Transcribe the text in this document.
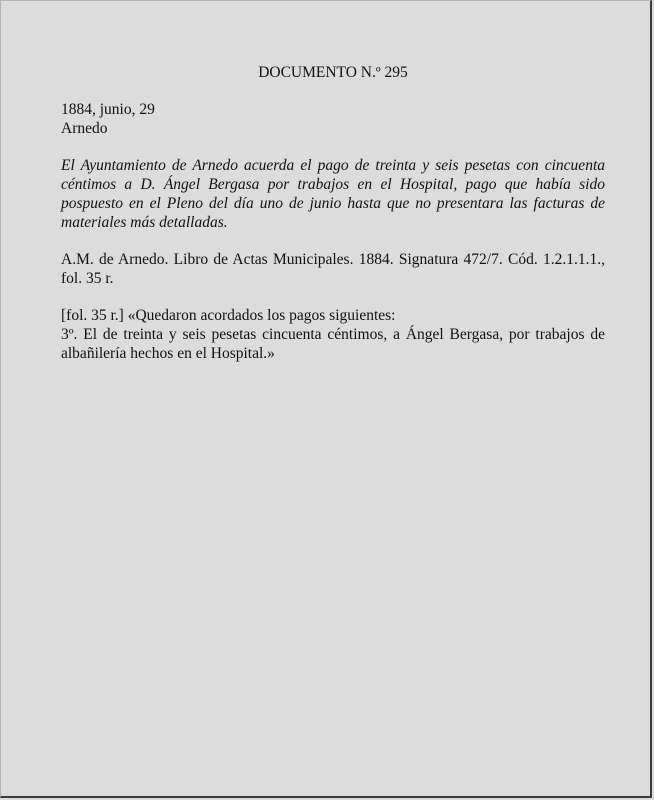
DOCUMENTO N.º 295
1884, junio, 29
Arnedo
El Ayuntamiento de Arnedo acuerda el pago de treinta y seis pesetas con cincuenta céntimos a D. Ángel Bergasa por trabajos en el Hospital, pago que había sido pospuesto en el Pleno del día uno de junio hasta que no presentara las facturas de materiales más detalladas.
A.M. de Arnedo. Libro de Actas Municipales. 1884. Signatura 472/7. Cód. 1.2.1.1.1., fol. 35 r.
[fol. 35 r.] «Quedaron acordados los pagos siguientes:
3º. El de treinta y seis pesetas cincuenta céntimos, a Ángel Bergasa, por trabajos de albañilería hechos en el Hospital.»
